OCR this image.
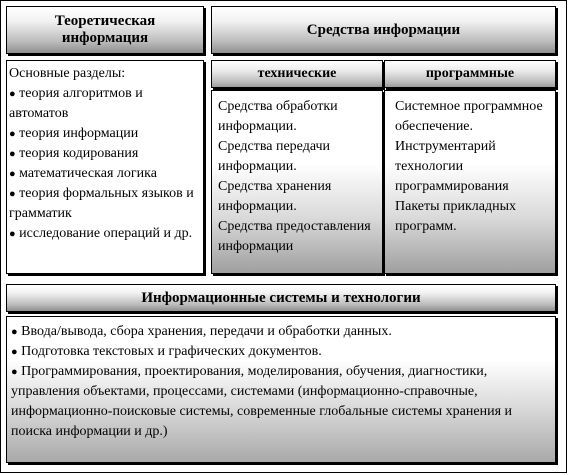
Теоретическая информация
Основные разделы:
● теория алгоритмов и автоматов
● теория информации
● теория кодирования
● математическая логика
● теория формальных языков и грамматик
● исследование операций и др.
Средства информации
технические	программные
Средства обработки информации.
Средства передачи информации.
Средства хранения информации.
Средства предоставления информации
Системное программное обеспечение.
Инструментарий технологии программирования
Пакеты прикладных программ.
Информационные системы и технологии
● Ввода/вывода, сбора хранения, передачи и обработки данных.
● Подготовка текстовых и графических документов.
● Программирования, проектирования, моделирования, обучения, диагностики, управления объектами, процессами, системами (информационно-справочные, информационно-поисковые системы, современные глобальные системы хранения и поиска информации и др.)
